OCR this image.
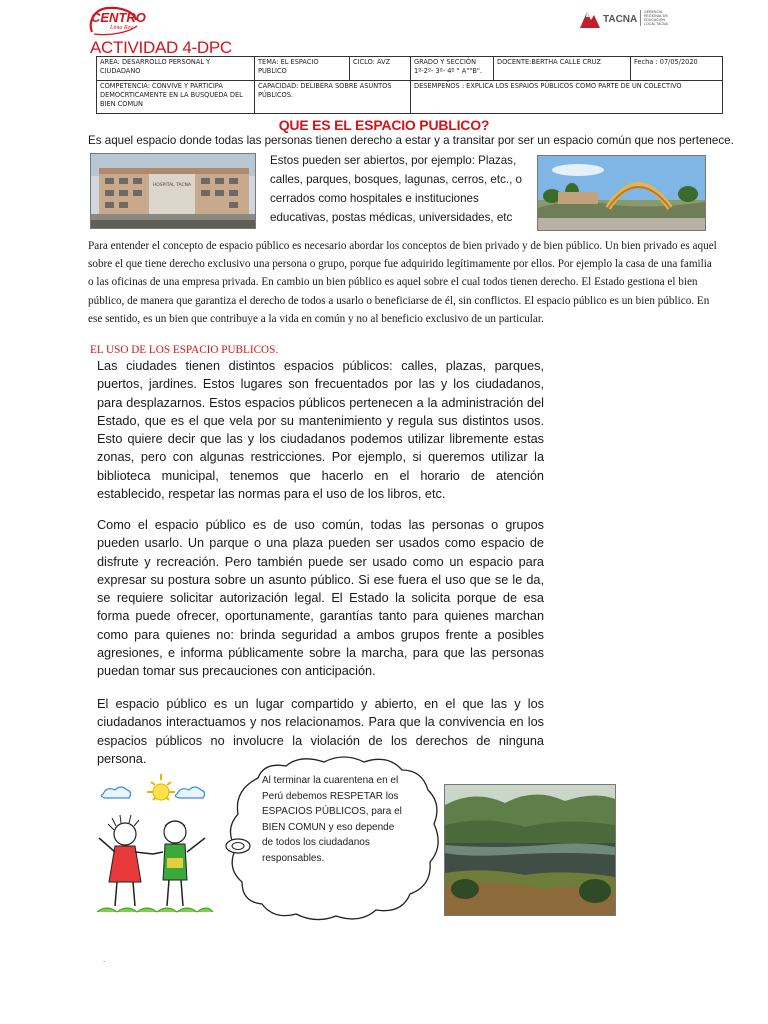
CENTRO
Lima Rey
TACNA
GERENCIA REGIONAL DE EDUCACIÓN LOCAL TACNA
ACTIVIDAD 4-DPC
AREA: DESARROLLO PERSONAL Y CIUDADANO	TEMA: EL ESPACIO PUBLICO	CICLO: AVZ	GRADO Y SECCIÓN 1º-2º- 3º- 4º " A""B".	DOCENTE:BERTHA CALLE CRUZ	Fecha : 07/05/2020
COMPETENCIA: CONVIVE Y PARTICIPA DEMOCRTICAMENTE EN LA BUSQUEDA DEL BIEN COMUN	CAPACIDAD: DELIBERA SOBRE ASUNTOS PÚBLICOS.		DESEMPEÑOS : EXPLICA LOS ESPAIOS PÚBLICOS COMO PARTE DE UN COLECTIVO		
QUE ES EL ESPACIO PUBLICO?
Es aquel espacio donde todas las personas tienen derecho a estar y a transitar por ser un espacio común que nos pertenece.
HOSPITAL TACNA
Estos pueden ser abiertos, por ejemplo: Plazas, calles, parques, bosques, lagunas, cerros, etc., o cerrados como hospitales e instituciones educativas, postas médicas, universidades, etc
Para entender el concepto de espacio público es necesario abordar los conceptos de bien privado y de bien público. Un bien privado es aquel sobre el que tiene derecho exclusivo una persona o grupo, porque fue adquirido legítimamente por ellos. Por ejemplo la casa de una familia o las oficinas de una empresa privada. En cambio un bien público es aquel sobre el cual todos tienen derecho. El Estado gestiona el bien público, de manera que garantiza el derecho de todos a usarlo o beneficiarse de él, sin conflictos. El espacio público es un bien público. En ese sentido, es un bien que contribuye a la vida en común y no al beneficio exclusivo de un particular.
EL USO DE LOS ESPACIO PUBLICOS.
Las ciudades tienen distintos espacios públicos: calles, plazas, parques, puertos, jardines. Estos lugares son frecuentados por las y los ciudadanos, para desplazarnos. Estos espacios públicos pertenecen a la administración del Estado, que es el que vela por su mantenimiento y regula sus distintos usos. Esto quiere decir que las y los ciudadanos podemos utilizar libremente estas zonas, pero con algunas restricciones. Por ejemplo, si queremos utilizar la biblioteca municipal, tenemos que hacerlo en el horario de atención establecido, respetar las normas para el uso de los libros, etc.
Como el espacio público es de uso común, todas las personas o grupos pueden usarlo. Un parque o una plaza pueden ser usados como espacio de disfrute y recreación. Pero también puede ser usado como un espacio para expresar su postura sobre un asunto público. Si ese fuera el uso que se le da, se requiere solicitar autorización legal. El Estado la solicita porque de esa forma puede ofrecer, oportunamente, garantías tanto para quienes marchan como para quienes no: brinda seguridad a ambos grupos frente a posibles agresiones, e informa públicamente sobre la marcha, para que las personas puedan tomar sus precauciones con anticipación.
El espacio público es un lugar compartido y abierto, en el que las y los ciudadanos interactuamos y nos relacionamos. Para que la convivencia en los espacios públicos no involucre la violación de los derechos de ninguna persona.
Al terminar la cuarentena en el Perú debemos RESPETAR los ESPACIOS PÚBLICOS, para el BIEN COMUN y eso depende de todos los ciudadanos responsables.
.
